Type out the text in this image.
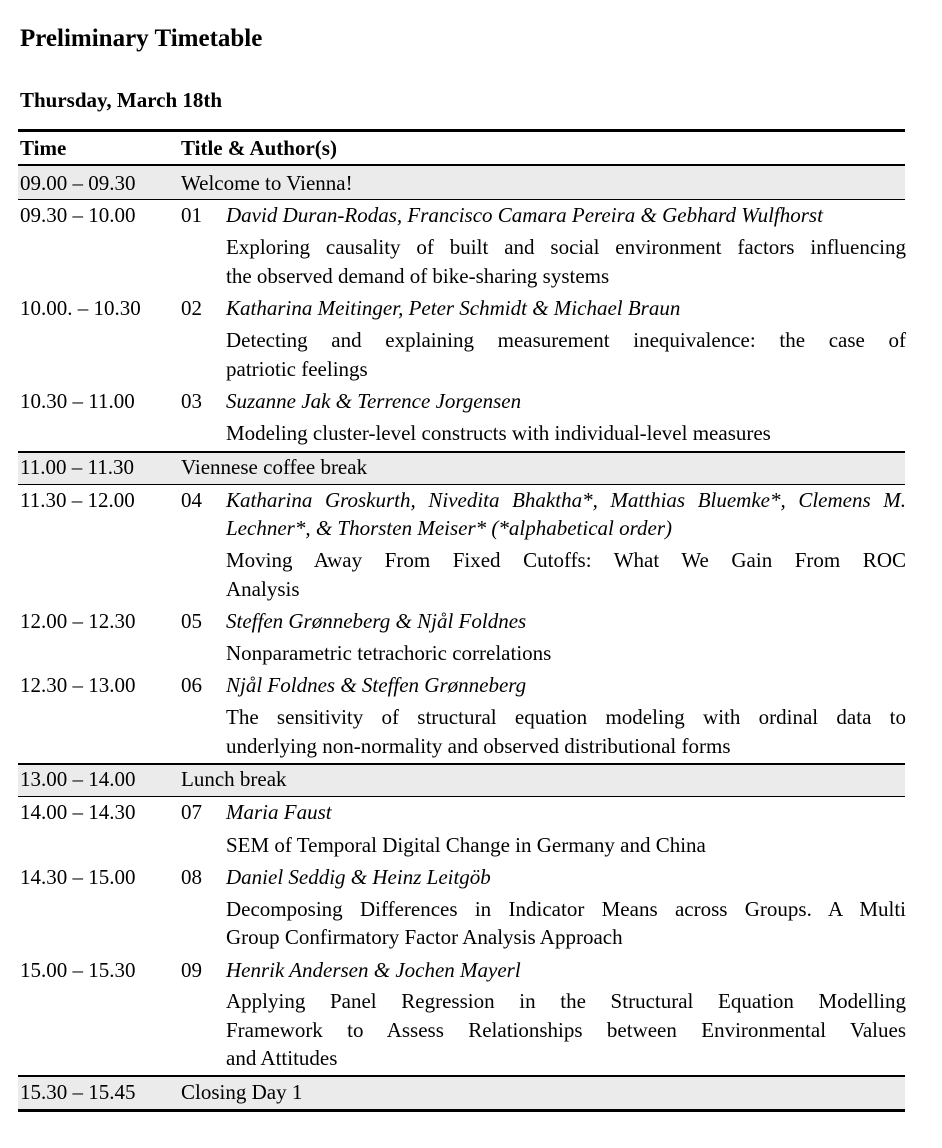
Preliminary Timetable
Thursday, March 18th
Time	Title & Author(s)
09.00 – 09.30 Welcome to Vienna!
09.30 – 10.00 01 David Duran-Rodas, Francisco Camara Pereira & Gebhard Wulfhorst
Exploring causality of built and social environment factors influencing
the observed demand of bike-sharing systems
10.00. – 10.30 02 Katharina Meitinger, Peter Schmidt & Michael Braun
Detecting and explaining measurement inequivalence: the case of
patriotic feelings
10.30 – 11.00 03 Suzanne Jak & Terrence Jorgensen
Modeling cluster-level constructs with individual-level measures
11.00 – 11.30 Viennese coffee break
11.30 – 12.00 04 Katharina Groskurth, Nivedita Bhaktha*, Matthias Bluemke*, Clemens M.
Lechner*, & Thorsten Meiser* (*alphabetical order)
Moving Away From Fixed Cutoffs: What We Gain From ROC
Analysis
12.00 – 12.30 05 Steffen Grønneberg & Njål Foldnes
Nonparametric tetrachoric correlations
12.30 – 13.00 06 Njål Foldnes & Steffen Grønneberg
The sensitivity of structural equation modeling with ordinal data to
underlying non-normality and observed distributional forms
13.00 – 14.00 Lunch break
14.00 – 14.30 07 Maria Faust
SEM of Temporal Digital Change in Germany and China
14.30 – 15.00 08 Daniel Seddig & Heinz Leitgöb
Decomposing Differences in Indicator Means across Groups. A Multi
Group Confirmatory Factor Analysis Approach
15.00 – 15.30 09 Henrik Andersen & Jochen Mayerl
Applying Panel Regression in the Structural Equation Modelling
Framework to Assess Relationships between Environmental Values
and Attitudes
15.30 – 15.45 Closing Day 1
